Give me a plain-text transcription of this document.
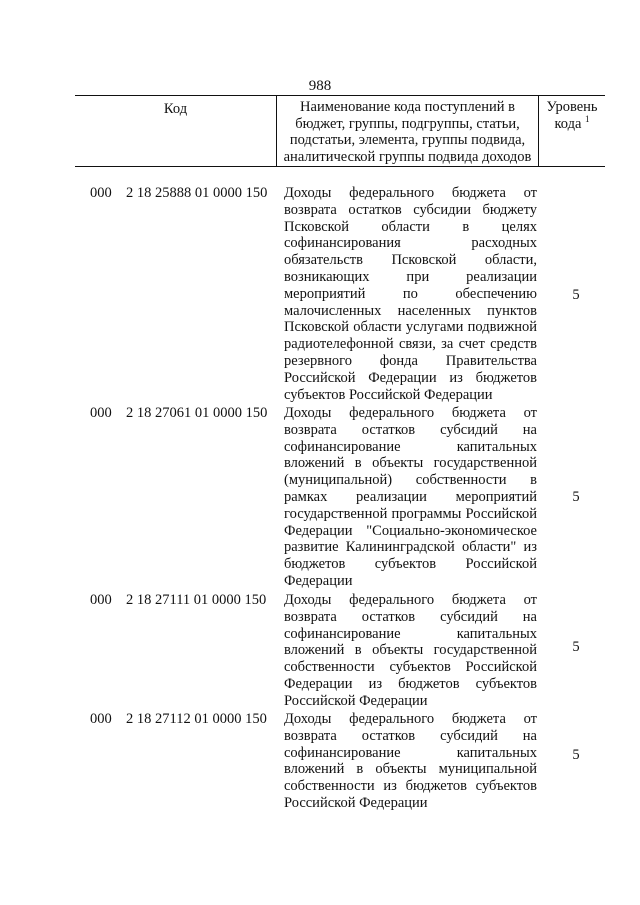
988
Код	Наименование кода поступлений в
бюджет, группы, подгруппы, статьи,
подстатьи, элемента, группы подвида,
аналитической группы подвида доходов
Уровень
кода $^1$
000 2 18 25888 01 0000 150 Доходы федерального бюджета от
возврата остатков субсидии бюджету
Псковской области в целях
софинансирования расходных
обязательств Псковской области,
возникающих при реализации
мероприятий по обеспечению
малочисленных населенных пунктов
Псковской области услугами подвижной
радиотелефонной связи, за счет средств
резервного фонда Правительства
Российской Федерации из бюджетов
субъектов Российской Федерации
5
000 2 18 27061 01 0000 150 Доходы федерального бюджета от
возврата остатков субсидий на
софинансирование капитальных
вложений в объекты государственной
(муниципальной) собственности в
рамках реализации мероприятий
государственной программы Российской
Федерации "Социально-экономическое
развитие Калининградской области" из
бюджетов субъектов Российской
Федерации
5
000 2 18 27111 01 0000 150 Доходы федерального бюджета от
возврата остатков субсидий на
софинансирование капитальных
вложений в объекты государственной
собственности субъектов Российской
Федерации из бюджетов субъектов
Российской Федерации
5
000 2 18 27112 01 0000 150 Доходы федерального бюджета от
возврата остатков субсидий на
софинансирование капитальных
вложений в объекты муниципальной
собственности из бюджетов субъектов
Российской Федерации
5
